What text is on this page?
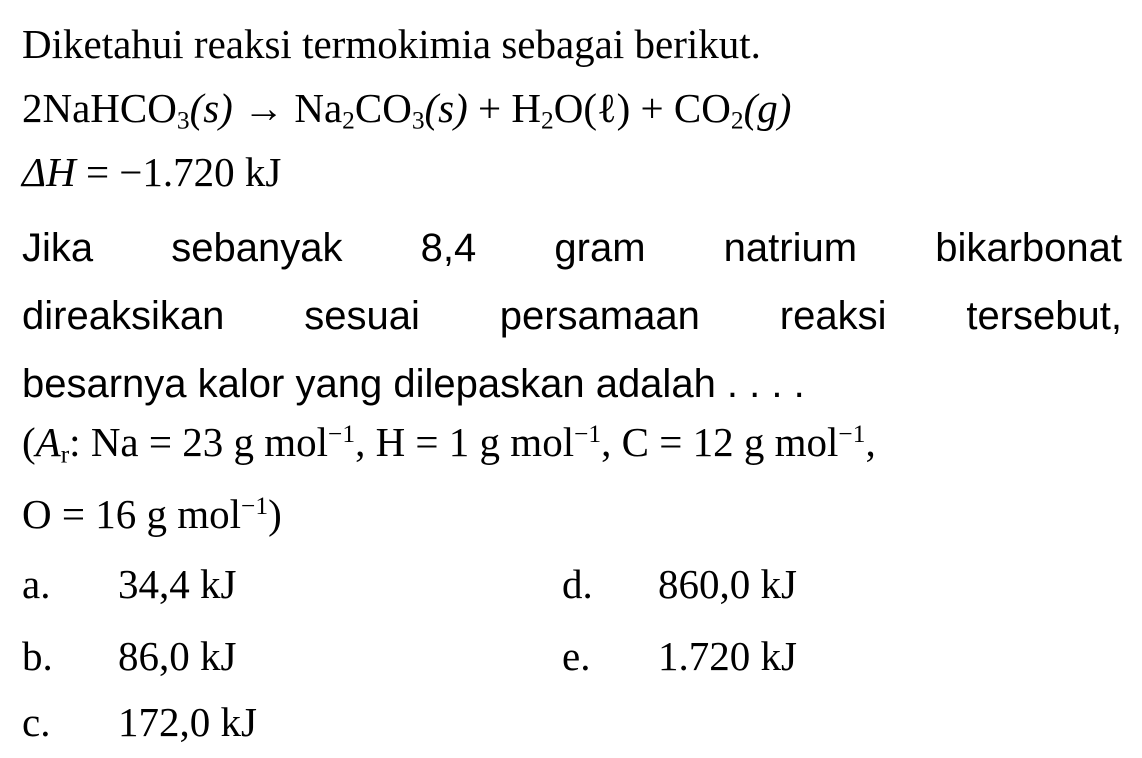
Diketahui reaksi termokimia sebagai berikut.
2NaHCO$_3$(s) → $Na_2CO_3(s)$ + $H_2O(\ell) + CO_2(g)$
ΔH = −1.720 kJ
Jika sebanyak 8,4 gram natrium bikarbonat
direaksikan sesuai persamaan reaksi tersebut,
besarnya kalor yang dilepaskan adalah . . . .
($A_r$: Na = 23 g mol$^{-1}$, H = 1 g mol$^{-1}$, C = 12 g mol$^{-1}$,
O = 16 g mol$^{-1}$)
a. 34,4 kJ
b. 86,0 kJ
c. 172,0 kJ
d. 860,0 kJ
e. 1.720 kJ
